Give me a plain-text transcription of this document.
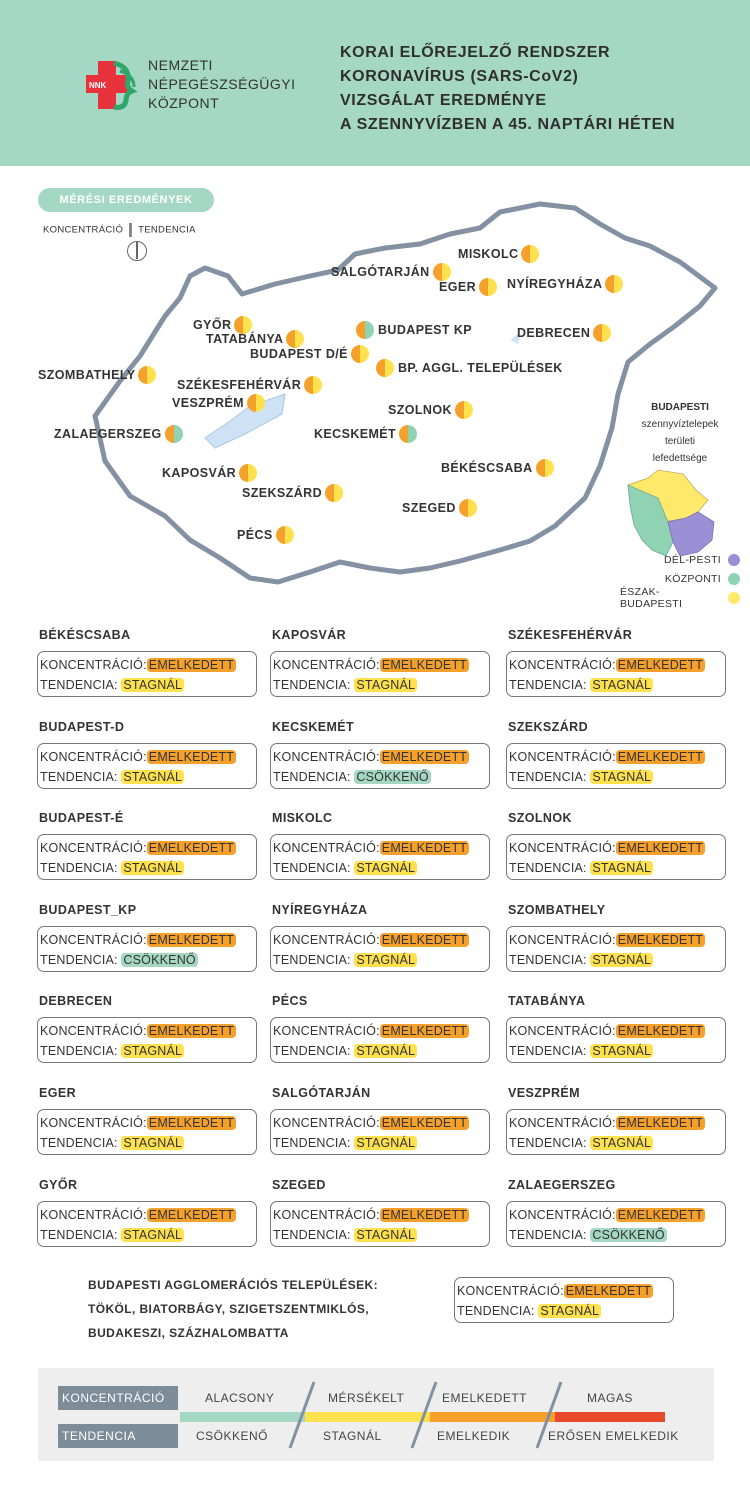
NNK
NEMZETI
NÉPEGÉSZSÉGÜGYI
KÖZPONT
KORAI ELŐREJELZŐ RENDSZER
KORONAVÍRUS (SARS-CoV2)
VIZSGÁLAT EREDMÉNYE
A SZENNYVÍZBEN A 45. NAPTÁRI HÉTEN
MÉRÉSI EREDMÉNYEK
KONCENTRÁCIÓ TENDENCIA
MISKOLC
SALGÓTARJÁN
EGER NYÍREGYHÁZA
GYŐR
TATABÁNYA
BUDAPEST KP	DEBRECEN
BUDAPEST D/É
BP. AGGL. TELEPÜLÉSEK
SZOMBATHELY
SZÉKESFEHÉRVÁR
VESZPRÉM	SZOLNOK
ZALAEGERSZEG	KECSKEMÉT
KAPOSVÁR	BÉKÉSCSABA
SZEKSZÁRD
SZEGED
PÉCS
BUDAPESTI
szennyvíztelepek
területi
lefedettsége
DÉL-PESTI
KÖZPONTI
ÉSZAK-BUDAPESTI
BÉKÉSCSABA
KONCENTRÁCIÓ: EMELKEDETT
TENDENCIA: STAGNÁL
KAPOSVÁR
KONCENTRÁCIÓ: EMELKEDETT
TENDENCIA: STAGNÁL
SZÉKESFEHÉRVÁR
KONCENTRÁCIÓ: EMELKEDETT
TENDENCIA: STAGNÁL
BUDAPEST-D
KONCENTRÁCIÓ: EMELKEDETT
TENDENCIA: STAGNÁL
KECSKEMÉT
KONCENTRÁCIÓ: EMELKEDETT
TENDENCIA: CSÖKKENŐ
SZEKSZÁRD
KONCENTRÁCIÓ: EMELKEDETT
TENDENCIA: STAGNÁL
BUDAPEST-É
KONCENTRÁCIÓ: EMELKEDETT
TENDENCIA: STAGNÁL
MISKOLC
KONCENTRÁCIÓ: EMELKEDETT
TENDENCIA: STAGNÁL
SZOLNOK
KONCENTRÁCIÓ: EMELKEDETT
TENDENCIA: STAGNÁL
BUDAPEST_KP
KONCENTRÁCIÓ: EMELKEDETT
TENDENCIA: CSÖKKENŐ
NYÍREGYHÁZA
KONCENTRÁCIÓ: EMELKEDETT
TENDENCIA: STAGNÁL
SZOMBATHELY
KONCENTRÁCIÓ: EMELKEDETT
TENDENCIA: STAGNÁL
DEBRECEN
KONCENTRÁCIÓ: EMELKEDETT
TENDENCIA: STAGNÁL
PÉCS
KONCENTRÁCIÓ: EMELKEDETT
TENDENCIA: STAGNÁL
TATABÁNYA
KONCENTRÁCIÓ: EMELKEDETT
TENDENCIA: STAGNÁL
EGER
KONCENTRÁCIÓ: EMELKEDETT
TENDENCIA: STAGNÁL
SALGÓTARJÁN
KONCENTRÁCIÓ: EMELKEDETT
TENDENCIA: STAGNÁL
VESZPRÉM
KONCENTRÁCIÓ: EMELKEDETT
TENDENCIA: STAGNÁL
GYŐR
KONCENTRÁCIÓ: EMELKEDETT
TENDENCIA: STAGNÁL
SZEGED
KONCENTRÁCIÓ: EMELKEDETT
TENDENCIA: STAGNÁL
ZALAEGERSZEG
KONCENTRÁCIÓ: EMELKEDETT
TENDENCIA: CSÖKKENŐ
BUDAPESTI AGGLOMERÁCIÓS TELEPÜLÉSEK:
TÖKÖL, BIATORBÁGY, SZIGETSZENTMIKLÓS,
BUDAKESZI, SZÁZHALOMBATTA
KONCENTRÁCIÓ: EMELKEDETT
TENDENCIA: STAGNÁL
KONCENTRÁCIÓ
TENDENCIA
ALACSONY	MÉRSÉKELT	EMELKEDETT	MAGAS
CSÖKKENŐ	STAGNÁL	EMELKEDIK	ERŐSEN EMELKEDIK
